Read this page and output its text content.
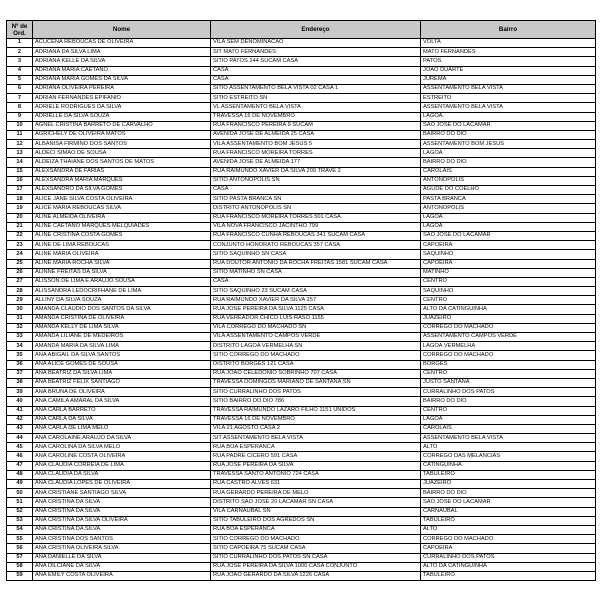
Nº de Ord.	Nome	Endereço	Bairro
1	ACUCENA REBOUCAS DE OLIVEIRA	VILA SEM DENOMINACAO	VOLTA
2	ADRIANA DA SILVA LIMA	SIT MATO FERNANDES	MATO FERNANDES
3	ADRIANA KELLE DA SILVA	SITIO PATOS 244 SUCAM CASA	PATOS
4	ADRIANA MARIA CAETANO	CASA	JOAO DUARTE
5	ADRIANA MARIA GOMES DA SILVA	CASA	JUREMA
6	ADRIANA OLIVEIRA PEREIRA	SITIO ASSENTAMENTO BELA VISTA 02 CASA 1	ASSENTAMENTO BELA VISTA
7	ADRIAN FERNANDES EPIFANIO	SITIO ESTREITO SN	ESTREITO
8	ADRIELE RODRIGUES DA SILVA	VL ASSENTAMENTO BELA VISTA	ASSENTAMENTO BELA VISTA
9	ADRIELLE DA SILVA SOUZA	TRAVESSA 16 DE NOVEMBRO	LAGOA
10	AGNEL CRISTINA BARRETO DE CARVALHO	RUA FRANCISCO PEREIRA 9 SUCAM	SAO JOSE DO LACAMAR
11	AGRICHELY DE OLIVEIRA MATOS	AVENIDA JOSE DE ALMEIDA 25 CASA	BAIRRO DO DIO
12	ALBANISA FIRMINO DOS SANTOS	VILA ASSENTAMENTO BOM JESUS 5	ASSENTAMENTO BOM JESUS
13	ALDECI SIMAO DE SOUSA	RUA FRANCISCO MOREIRA TORRES	LAGOA
14	ALDEIZA THAIANE DOS SANTOS DE MATOS	AVENIDA JOSE DE ALMEIDA 177	BAIRRO DO DIO
15	ALEXSANDRA DE FARIAS	RUA RAIMUNDO XAVIER DA SILVA 209 TRAVE 2	CAROLAIS
16	ALEXSANDRA MARIA MARQUES	SITIO ANTONOPOLIS SN	ANTONOPOLIS
17	ALEXSANDRO DA SILVA GOMES	CASA	AGUDE DO COELHO
18	ALICE JANE SILVA COSTA OLIVEIRA	SITIO PASTA BRANCA SN	PASTA BRANCA
19	ALICE MARIA REBOUCAS SILVA	DISTRITO ANTONOPOLIS SN	ANTONOPOLIS
20	ALINE ALMEIDA OLIVEIRA	RUA FRANCISCO MOREIRA TORRES 501 CASA	LAGOA
21	ALINE CAETANO MARQUES MELQUIADES	VILA NOVA FRANCISCO JACINTHO 799	LAGOA
22	ALINE CRISTINA COSTA GOMES	RUA FRANCISCO CUNHA REBOUCAS 341 SUCAM CASA	SAO JOSE DO LACAMAR
23	ALINE DE LIMA REBOUCAS	CONJUNTO HONORATO REBOUCAS 357 CASA	CAPOEIRA
24	ALINE MARIA OLIVEIRA	SITIO SAQUINHO SN CASA	SAQUINHO
25	ALINE MARIA ROCHA SILVA	RUA DOUTOR ANTONIO DA ROCHA FREITAS 1581 SUCAM CASA	CAPOEIRA
26	ALINNE FREITAS DA SILVA	SITIO MATINHO SN CASA	MATINHO
27	ALISSON DE LIMA E ARAUJO SOUSA	CASA	CENTRO
28	ALISSANDRA LEDOCRIFHANE DE LIMA	SITIO SAQUINHO 23 SUCAM CASA	SAQUINHO
29	ALLINY DA SILVA SOUZA	RUA RAIMUNDO XAVIER DA SILVA 257	CENTRO
30	AMANDA CLAUDIO DOS SANTOS DA SILVA	RUA JOSE PEREIRA DA SILVA 1125 CASA	ALTO DA CATINGUINHA
31	AMANDA CRISTINA DE OLIVEIRA	RUA VEREADOR CHICO LUIS RASO 1155	JUAZEIRO
32	AMANDA KELLY DE LIMA SILVA	VILA CORREGO DO MACHADO SN	CORREGO DO MACHADO
33	AMANDA LILIANE DE MEDEIROS	VILA ASSENTAMENTO CAMPOS VERDE	ASSENTAMENTO CAMPOS VERDE
34	AMANDA MARIA DA SILVA LIMA	DISTRITO LAGOA VERMELHA SN	LAGOA VERMELHA
35	ANA ABIGAIL DA SILVA SANTOS	SITIO CORREGO DO MACHADO	CORREGO DO MACHADO
36	ANA ALICE GOMES DE SOUSA	DISTRITO BORGES 121 CASA	BORGES
37	ANA BEATRIZ DA SILVA LIMA	RUA JOAO CELEDONIO SOBRINHO 707 CASA	CENTRO
38	ANA BEATRIZ FELIX SANTIAGO	TRAVESSA DOMINGOS MARIANO DE SANTANA SN	JUSTO SANTANA
39	ANA BRUNA DE OLIVEIRA	SITIO CURRALINHO DOS PATOS	CURRALINHO DOS PATOS
40	ANA CAMILA AMARAL DA SILVA	SITIO BAIRRO DO DIO 786	BAIRRO DO DIO
41	ANA CARLA BARRETO	TRAVESSA RAIMUNDO LAZARO FILHO 1151 UNIDOS	CENTRO
42	ANA CARLA DA SILVA	TRAVESSA 16 DE NOVEMBRO	LAGOA
43	ANA CARLA DE LIMA MELO	VILA 21 AGOSTO CASA 2	CAROLAIS
44	ANA CAROLAINE ARAUJO DA SILVA	SIT ASSENTAMENTO BELA VISTA	ASSENTAMENTO BELA VISTA
45	ANA CAROLINA DA SILVA MELO	RUA BOA ESPERANCA	ALTO
46	ANA CAROLINE COSTA OLIVEIRA	RUA PADRE CICERO 591 CASA	CORREGO DAS MELANCIAS
47	ANA CLAUDIA CORREIA DE LIMA	RUA JOSE PEREIRA DA SILVA	CATINGUINHA
48	ANA CLAUDIA DA SILVA	TRAVESSA SANTO ANTONIO 724 CASA	TABULEIRO
49	ANA CLAUDIA LOPES DE OLIVEIRA	RUA CASTRO ALVES 631	JUAZEIRO
50	ANA CRISTIANE SANTIAGO SILVA	RUA GERARDO PEREIRA DE MELO	BAIRRO DO DIO
51	ANA CRISTINA DA SILVA	DISTRITO SAO JOSE 20 LACAMAR SN CASA	SAO JOSE DO LACAMAR
52	ANA CRISTINA DA SILVA	VILA CARNAUBAL SN	CARNAUBAL
53	ANA CRISTINA DA SILVA OLIVEIRA	SITIO TABULEIRO DOS AGREDOS SN	TABULEIRO
54	ANA CRISTINA DA SILVA	RUA BOA ESPERANCA	ALTO
55	ANA CRISTINA DOS SANTOS	SITIO CORREGO DO MACHADO	CORREGO DO MACHADO
56	ANA CRISTINA OLIVEIRA SILVA	SITIO CAPOEIRA 75 SUCAM CASA	CAPOEIRA
57	ANA DANIELLE DA SILVA	SITIO CURRALINHO DOS PATOS SN CASA	CURRALINHO DOS PATOS
58	ANA DILCIANE DA SILVA	RUA JOSE PEREIRA DA SILVA 1000 CASA CONJUNTO	ALTO DA CATINGUINHA
59	ANA EMILY COSTA OLIVEIRA	RUA JOAO GERARDO DA SILVA 1226 CASA	TABULEIRO
